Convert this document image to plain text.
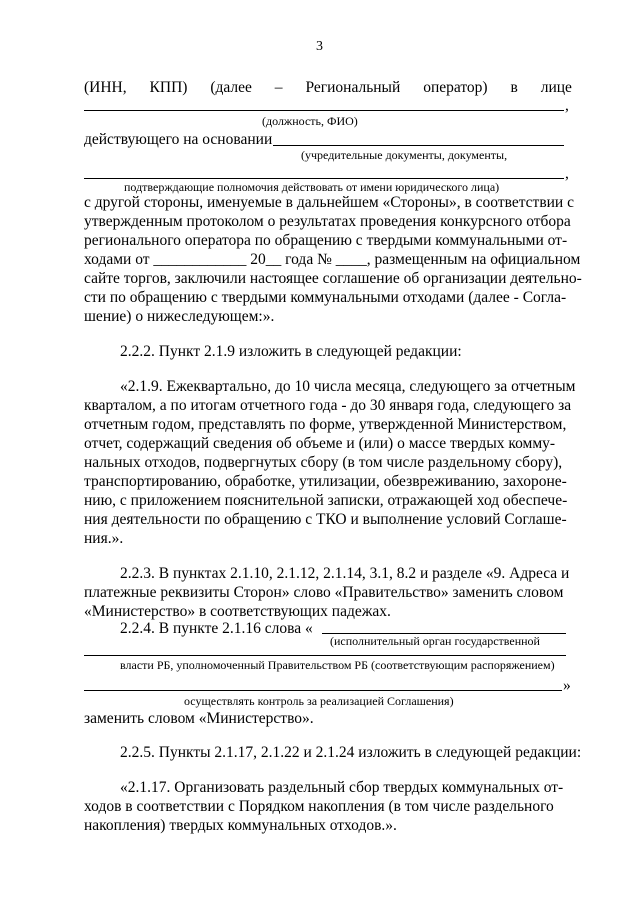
3
(ИНН, КПП) (далее – Региональный оператор) в лице
,
(должность, ФИО)
действующего на основании
(учредительные документы, документы,
,
подтверждающие полномочия действовать от имени юридического лица)
с другой стороны, именуемые в дальнейшем «Стороны», в соответствии с
утвержденным протоколом о результатах проведения конкурсного отбора
регионального оператора по обращению с твердыми коммунальными от-
ходами от ____________ 20__ года № ____, размещенным на официальном
сайте торгов, заключили настоящее соглашение об организации деятельно-
сти по обращению с твердыми коммунальными отходами (далее - Согла-
шение) о нижеследующем:».
2.2.2. Пункт 2.1.9 изложить в следующей редакции:
«2.1.9. Ежеквартально, до 10 числа месяца, следующего за отчетным
кварталом, а по итогам отчетного года - до 30 января года, следующего за
отчетным годом, представлять по форме, утвержденной Министерством,
отчет, содержащий сведения об объеме и (или) о массе твердых комму-
нальных отходов, подвергнутых сбору (в том числе раздельному сбору),
транспортированию, обработке, утилизации, обезвреживанию, захороне-
нию, с приложением пояснительной записки, отражающей ход обеспече-
ния деятельности по обращению с ТКО и выполнение условий Соглаше-
ния.».
2.2.3. В пунктах 2.1.10, 2.1.12, 2.1.14, 3.1, 8.2 и разделе «9. Адреса и
платежные реквизиты Сторон» слово «Правительство» заменить словом
«Министерство» в соответствующих падежах.
2.2.4. В пункте 2.1.16 слова «
(исполнительный орган государственной
власти РБ, уполномоченный Правительством РБ (соответствующим распоряжением)
»
осуществлять контроль за реализацией Соглашения)
заменить словом «Министерство».
2.2.5. Пункты 2.1.17, 2.1.22 и 2.1.24 изложить в следующей редакции:
«2.1.17. Организовать раздельный сбор твердых коммунальных от-
ходов в соответствии с Порядком накопления (в том числе раздельного
накопления) твердых коммунальных отходов.».
